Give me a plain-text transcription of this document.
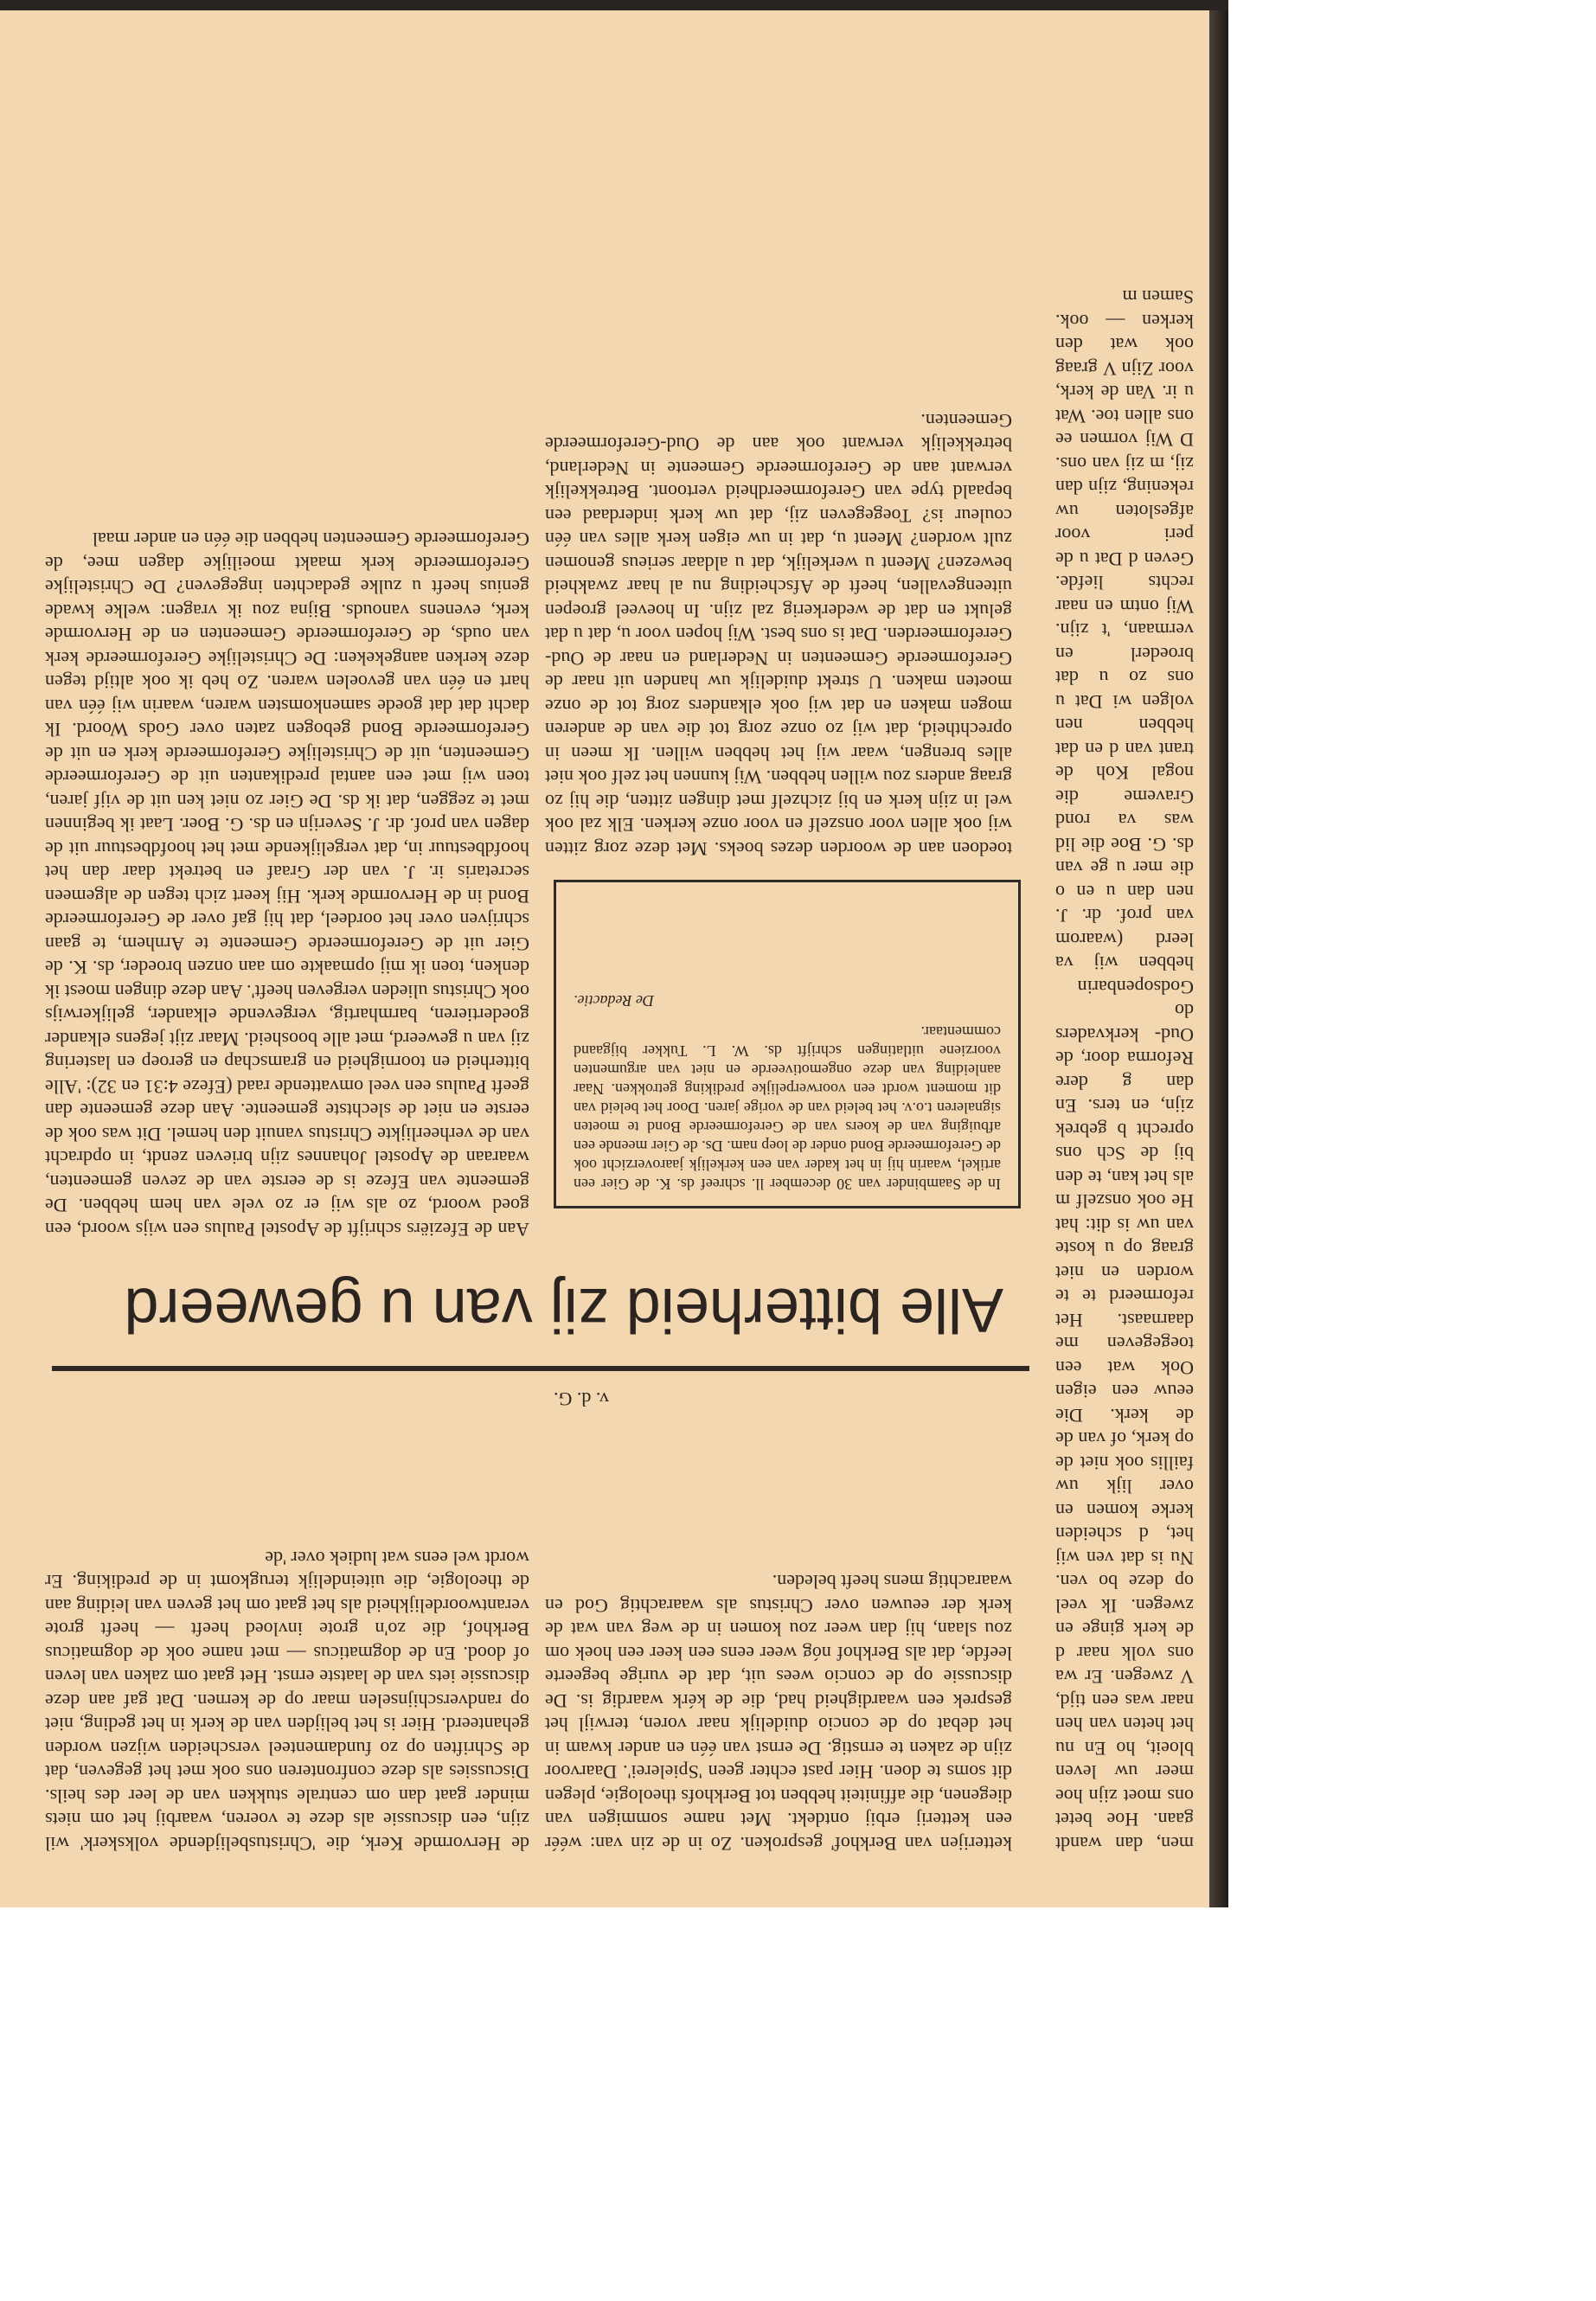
men, dan wandt gaan. Hoe betet ons moet zijn hoe meer uw leven bloeit, ho En nu het heten van hen naar was een tijd, V zwegen. Er wa ons volk naar d de kerk ginge en zwegen. Ik veel op deze bo ven. Nu is dat ven wij het, d scheiden kerke komen en over lijk uw faillis ook niet de op kerk, of van de de kerk. Die eeuw een eigen Ook wat een toegegeven me daarnaast. Het reformeerd te te worden en niet graag op u koste van uw is dit: hat He ook onszelf m als het kan, te den bij de Sch ons oprecht b gebrek zijn, en ters. En dan g dere Reforma door, de Oud- kerkvaders do Godsopenbarin hebben wij va leerd (waarom van prof. dr. J. nen dan u en o die mer u ge van ds. G. Boe die lid was va rond Graveme die nogal Koh de trant van d en dat hebben nen volgen wi Dat u ons zo u dat broederl en vermaan, 't zijn. Wij ontm en naar rechts liefde. Geven d Dat u de peri voor afgesloten uw rekening, zijn dan zij, m zij van ons. D Wij vormen ee ons allen toe. Wat u ir. Van de kerk, voor Zijn V graag ook wat den kerken — ook. Samen m

ketterijen van Berkhof' gesproken. Zo in de zin van: wéér een ketterij erbij ontdekt. Met name sommigen van diegenen, die affiniteit hebben tot Berkhofs theologie, plegen dit soms te doen. Hier past echter geen 'Spielerei'. Daarvoor zijn de zaken te ernstig. De ernst van één en ander kwam in het debat op de concio duidelijk naar voren, terwijl het gesprek een waardigheid had, die de kérk waardig is. De discussie op de concio wees uit, dat de vurige begeerte leefde, dat als Berkhof nóg weer eens een keer een hoek om zou slaan, hij dan weer zou komen in de weg van wat de kerk der eeuwen over Christus als waarachtig God en waarachtig mens heeft beleden.

de Hervormde Kerk, die 'Christusbelijdende volkskerk' wil zijn, een discussie als deze te voeren, waarbij het om niets minder gaat dan om centrale stukken van de leer des heils. Discussies als deze confronteren ons ook met het gegeven, dat de Schriften op zo fundamenteel verscheiden wijzen worden gehanteerd. Hier is het belijden van de kerk in het geding, niet op randverschijnselen maar op de kernen. Dat gaf aan deze discussie iets van de laatste ernst. Het gaat om zaken van leven of dood. En de dogmaticus — met name ook de dogmaticus Berkhof, die zo'n grote invloed heeft — heeft grote verantwoordelijkheid als het gaat om het geven van leiding aan de theologie, die uiteindelijk terugkomt in de prediking. Er wordt wel eens wat ludiek over 'de

v. d. G.
Alle bitterheid zij van u geweerd

Aan de Efeziërs schrijft de Apostel Paulus een wijs woord, een goed woord, zo als wij er zo vele van hem hebben. De gemeente van Efeze is de eerste van de zeven gemeenten, waaraan de Apostel Johannes zijn brieven zendt, in opdracht van de verheerlijkte Christus vanuit den hemel. Dit was ook de eerste en niet de slechtste gemeente. Aan deze gemeente dan geeft Paulus een veel omvattende raad (Efeze 4:31 en 32): 'Alle bitterheid en toornigheid en gramschap en geroep en lastering zij van u geweerd, met alle boosheid. Maar zijt jegens elkander goedertieren, barmhartig, vergevende elkander, gelijkerwijs ook Christus ulieden vergeven heeft'. Aan deze dingen moest ik denken, toen ik mij opmaakte om aan onzen broeder, ds. K. de Gier uit de Gereformeerde Gemeente te Arnhem, te gaan schrijven over het oordeel, dat hij gaf over de Gereformeerde Bond in de Hervormde kerk. Hij keert zich tegen de algemeen secretaris ir. J. van der Graaf en betrekt daar dan het hoofdbestuur in, dat vergelijkende met het hoofdbestuur uit de dagen van prof. dr. J. Severijn en ds. G. Boer. Laat ik beginnen met te zeggen, dat ik ds. De Gier zo niet ken uit de vijf jaren, toen wij met een aantal predikanten uit de Gereformeerde Gemeenten, uit de Christelijke Gereformeerde kerk en uit de Gereformeerde Bond gebogen zaten over Gods Woord. Ik dacht dat dat goede samenkomsten waren, waarin wij één van hart en één van gevoelen waren. Zo heb ik ook altijd tegen deze kerken aangekeken: De Christelijke Gereformeerde kerk van ouds, de Gereformeerde Gemeenten en de Hervormde kerk, evenens vanouds. Bijna zou ik vragen: welke kwade genius heeft u zulke gedachten ingegeven? De Christelijke Gereformeerde kerk maakt moeilijke dagen mee, de Gereformeerde Gemeenten hebben die één en ander maal

In de Saambinder van 30 december ll. schreef ds. K. de Gier een artikel, waarin hij in het kader van een kerkelijk jaaroverzicht ook de Gereformeerde Bond onder de loep nam. Ds. de Gier meende een afbuiging van de koers van de Gereformeerde Bond te moeten signaleren t.o.v. het beleid van de vorige jaren. Door het beleid van dit moment wordt een voorwerpelijke prediking getrokken. Naar aanleiding van deze ongemotiveerde en niet van argumenten voorziene uitlatingen schrijft ds. W. L. Tukker bijgaand commentaar.
De Redactie.

toedoen aan de woorden dezes boeks. Met deze zorg zitten wij ook allen voor onszelf en voor onze kerken. Elk zal ook wel in zijn kerk en bij zichzelf met dingen zitten, die hij zo graag anders zou willen hebben. Wij kunnen het zelf ook niet alles brengen, waar wij het hebben willen. Ik meen in oprechtheid, dat wij zo onze zorg tot die van de anderen mogen maken en dat wij ook elkanders zorg tot de onze moeten maken. U strekt duidelijk uw handen uit naar de Gereformeerde Gemeenten in Nederland en naar de Oud-Gereformeerden. Dat is ons best. Wij hopen voor u, dat u dat gelukt en dat de wederkerig zal zijn. In hoeveel groepen uiteengevallen, heeft de Afscheiding nu al haar zwakheid bewezen? Meent u werkelijk, dat u aldaar serieus genomen zult worden? Meent u, dat in uw eigen kerk alles van één couleur is? Toegegeven zij, dat uw kerk inderdaad een bepaald type van Gereformeerdheid vertoont. Betrekkelijk verwant aan de Gereformeerde Gemeente in Nederland, betrekkelijk verwant ook aan de Oud-Gereformeerde Gemeenten.
